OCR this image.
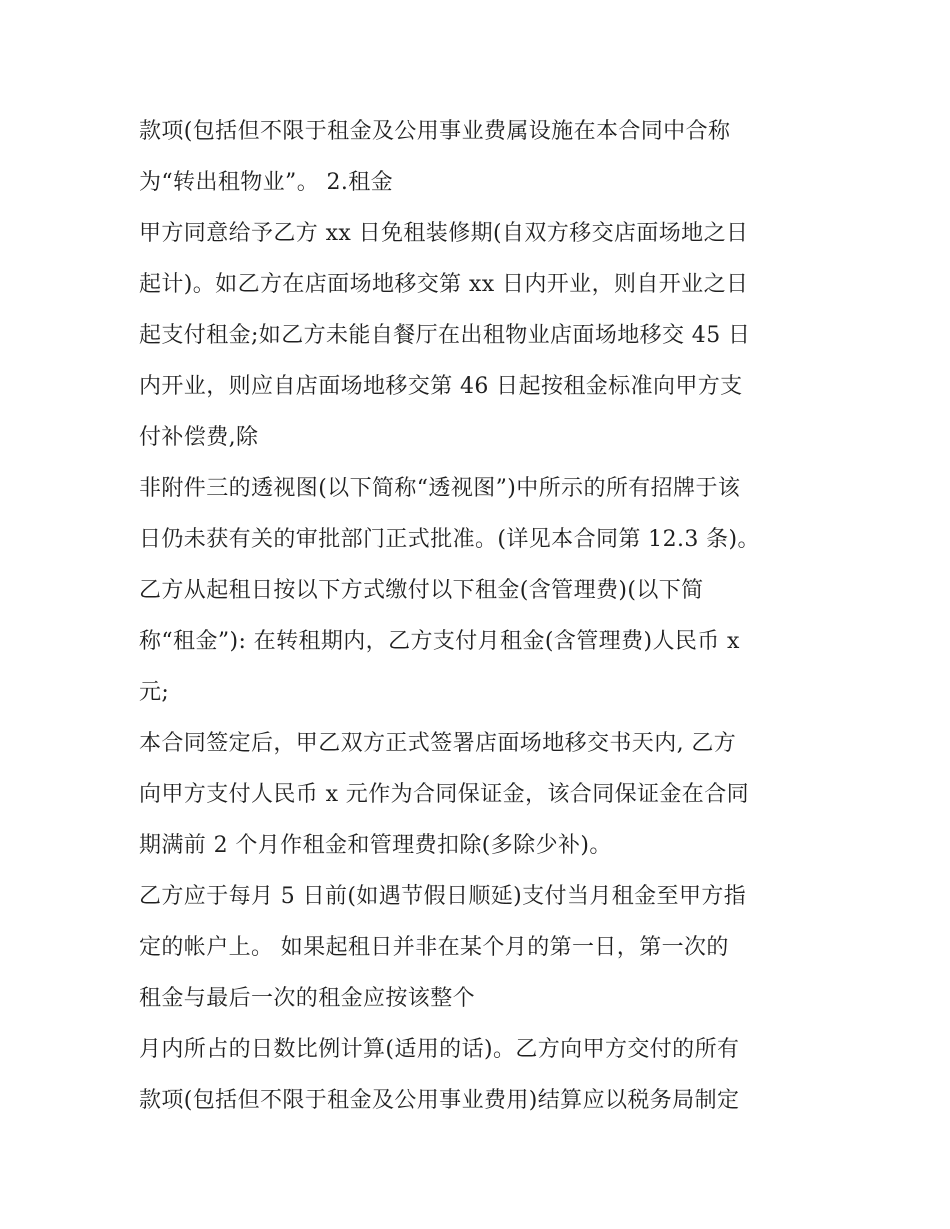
款项(包括但不限于租金及公用事业费属设施在本合同中合称
为“转出租物业”。 2.租金
甲方同意给予乙方 xx 日免租装修期(自双方移交店面场地之日
起计)。如乙方在店面场地移交第 xx 日内开业，则自开业之日
起支付租金;如乙方未能自餐厅在出租物业店面场地移交 45 日
内开业，则应自店面场地移交第 46 日起按租金标准向甲方支
付补偿费,除
非附件三的透视图(以下简称“透视图”)中所示的所有招牌于该
日仍未获有关的审批部门正式批准。(详见本合同第 12.3 条)。
乙方从起租日按以下方式缴付以下租金(含管理费)(以下简
称“租金”): 在转租期内，乙方支付月租金(含管理费)人民币 x
元;
本合同签定后，甲乙双方正式签署店面场地移交书天内, 乙方
向甲方支付人民币 x 元作为合同保证金，该合同保证金在合同
期满前 2 个月作租金和管理费扣除(多除少补)。
乙方应于每月 5 日前(如遇节假日顺延)支付当月租金至甲方指
定的帐户上。 如果起租日并非在某个月的第一日，第一次的
租金与最后一次的租金应按该整个
月内所占的日数比例计算(适用的话)。乙方向甲方交付的所有
款项(包括但不限于租金及公用事业费用)结算应以税务局制定
